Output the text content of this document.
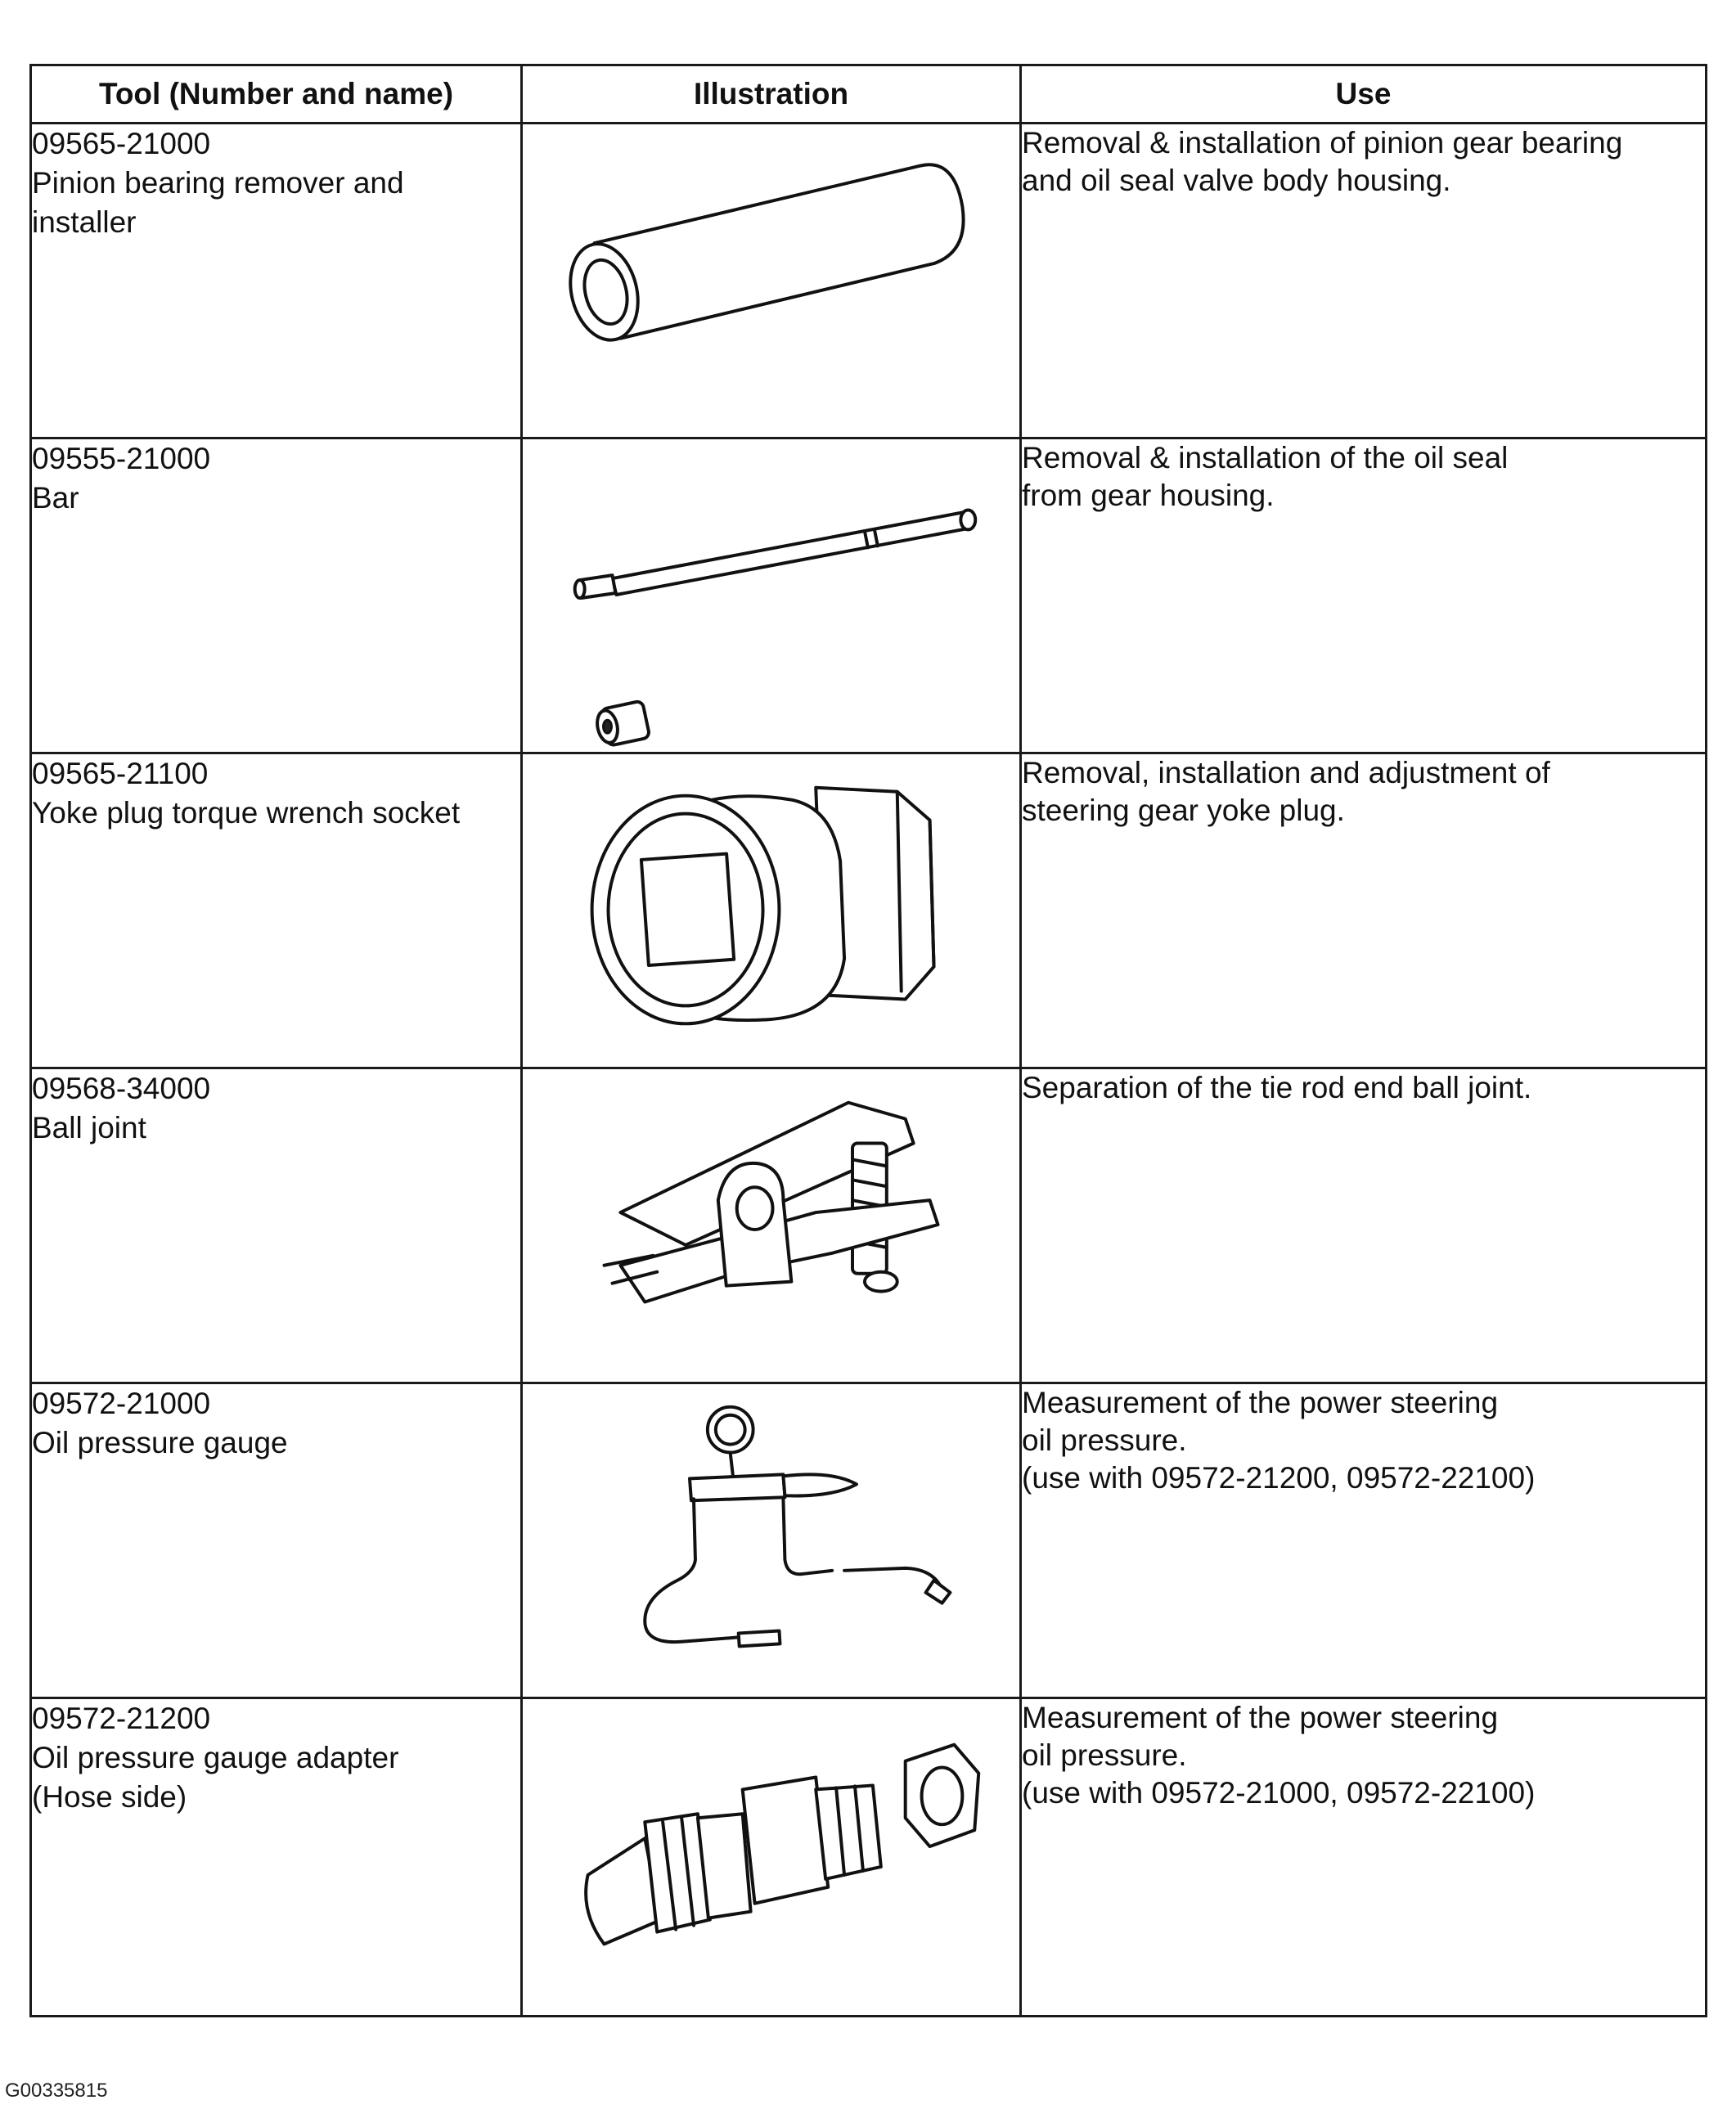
Tool (Number and name)	Illustration	Use

09565-21000
Pinion bearing remover and
installer		Removal & installation of pinion gear bearing
and oil seal valve body housing.

09555-21000
Bar		Removal & installation of the oil seal
from gear housing.

09565-21100
Yoke plug torque wrench socket		Removal, installation and adjustment of
steering gear yoke plug.

09568-34000
Ball joint		Separation of the tie rod end ball joint.

09572-21000
Oil pressure gauge		Measurement of the power steering
oil pressure.
(use with 09572-21200, 09572-22100)

09572-21200
Oil pressure gauge adapter
(Hose side)		Measurement of the power steering
oil pressure.
(use with 09572-21000, 09572-22100)
G00335815
